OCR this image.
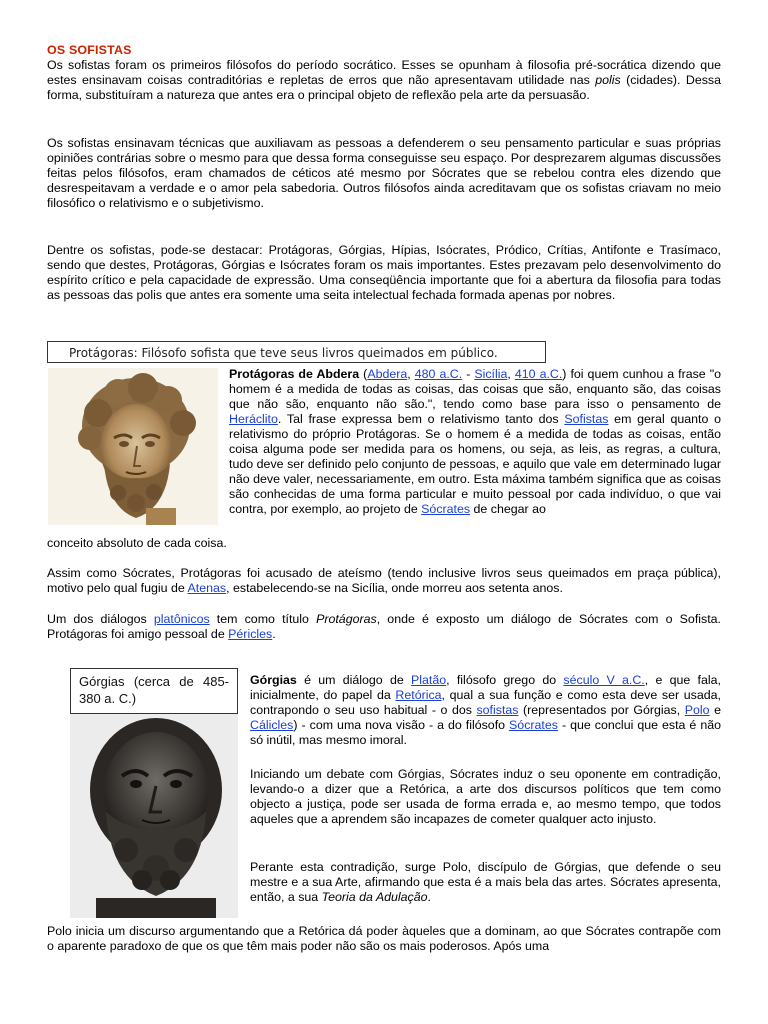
OS SOFISTAS

Os sofistas foram os primeiros filósofos do período socrático. Esses se opunham à filosofia pré-socrática dizendo que estes ensinavam coisas contraditórias e repletas de erros que não apresentavam utilidade nas polis (cidades). Dessa forma, substituíram a natureza que antes era o principal objeto de reflexão pela arte da persuasão.

Os sofistas ensinavam técnicas que auxiliavam as pessoas a defenderem o seu pensamento particular e suas próprias opiniões contrárias sobre o mesmo para que dessa forma conseguisse seu espaço. Por desprezarem algumas discussões feitas pelos filósofos, eram chamados de céticos até mesmo por Sócrates que se rebelou contra eles dizendo que desrespeitavam a verdade e o amor pela sabedoria. Outros filósofos ainda acreditavam que os sofistas criavam no meio filosófico o relativismo e o subjetivismo.

Dentre os sofistas, pode-se destacar: Protágoras, Górgias, Hípias, Isócrates, Pródico, Crítias, Antifonte e Trasímaco, sendo que destes, Protágoras, Górgias e Isócrates foram os mais importantes. Estes prezavam pelo desenvolvimento do espírito crítico e pela capacidade de expressão. Uma conseqüência importante que foi a abertura da filosofia para todas as pessoas das polis que antes era somente uma seita intelectual fechada formada apenas por nobres.

Protágoras: Filósofo sofista que teve seus livros queimados em público.

Protágoras de Abdera (Abdera, 480 a.C. - Sicília, 410 a.C.) foi quem cunhou a frase "o homem é a medida de todas as coisas, das coisas que são, enquanto são, das coisas que não são, enquanto não são.", tendo como base para isso o pensamento de Heráclito. Tal frase expressa bem o relativismo tanto dos Sofistas em geral quanto o relativismo do próprio Protágoras. Se o homem é a medida de todas as coisas, então coisa alguma pode ser medida para os homens, ou seja, as leis, as regras, a cultura, tudo deve ser definido pelo conjunto de pessoas, e aquilo que vale em determinado lugar não deve valer, necessariamente, em outro. Esta máxima também significa que as coisas são conhecidas de uma forma particular e muito pessoal por cada indivíduo, o que vai contra, por exemplo, ao projeto de Sócrates de chegar ao

conceito absoluto de cada coisa.

Assim como Sócrates, Protágoras foi acusado de ateísmo (tendo inclusive livros seus queimados em praça pública), motivo pelo qual fugiu de Atenas, estabelecendo-se na Sicília, onde morreu aos setenta anos.

Um dos diálogos platônicos tem como título Protágoras, onde é exposto um diálogo de Sócrates com o Sofista. Protágoras foi amigo pessoal de Péricles.

Górgias (cerca de 485-380 a. C.)

Górgias é um diálogo de Platão, filósofo grego do século V a.C., e que fala, inicialmente, do papel da Retórica, qual a sua função e como esta deve ser usada, contrapondo o seu uso habitual - o dos sofistas (representados por Górgias, Polo e Cálicles) - com uma nova visão - a do filósofo Sócrates - que conclui que esta é não só inútil, mas mesmo imoral.

Iniciando um debate com Górgias, Sócrates induz o seu oponente em contradição, levando-o a dizer que a Retórica, a arte dos discursos políticos que tem como objecto a justiça, pode ser usada de forma errada e, ao mesmo tempo, que todos aqueles que a aprendem são incapazes de cometer qualquer acto injusto.

Perante esta contradição, surge Polo, discípulo de Górgias, que defende o seu mestre e a sua Arte, afirmando que esta é a mais bela das artes. Sócrates apresenta, então, a sua Teoria da Adulação.

Polo inicia um discurso argumentando que a Retórica dá poder àqueles que a dominam, ao que Sócrates contrapõe com o aparente paradoxo de que os que têm mais poder não são os mais poderosos. Após uma
